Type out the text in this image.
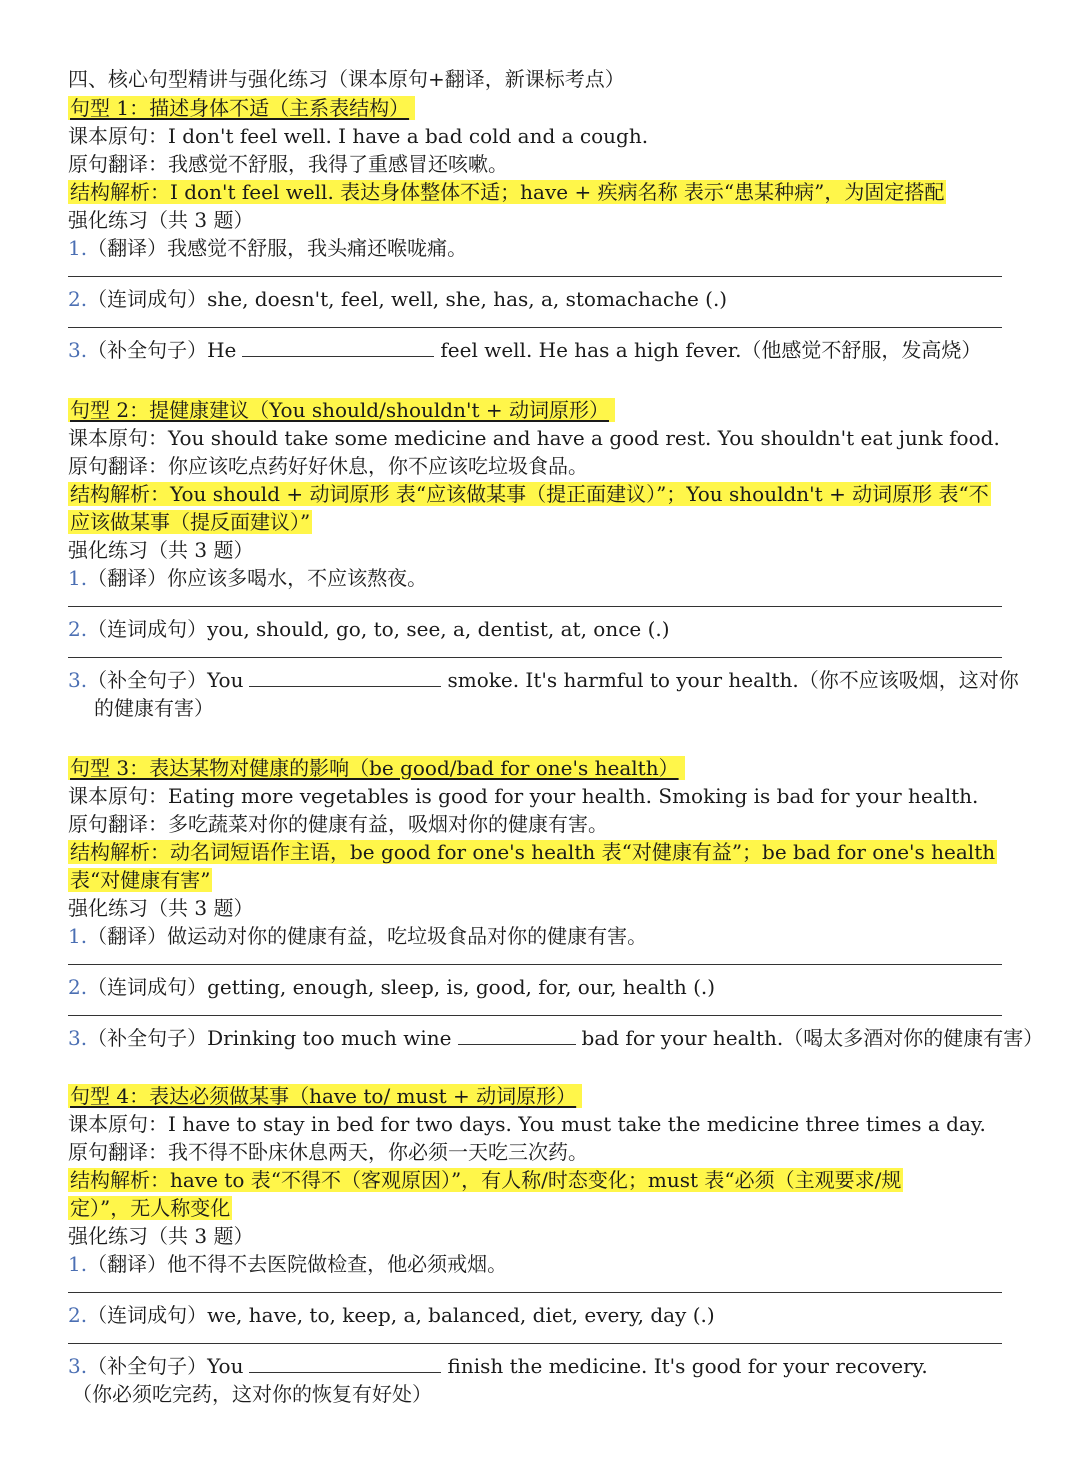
四、核心句型精讲与强化练习（课本原句+翻译，新课标考点）
句型 1：描述身体不适（主系表结构）
课本原句：I don't feel well. I have a bad cold and a cough.
原句翻译：我感觉不舒服，我得了重感冒还咳嗽。
结构解析：I don't feel well. 表达身体整体不适；have + 疾病名称 表示“患某种病”，为固定搭配
强化练习（共 3 题）
1.（翻译）我感觉不舒服，我头痛还喉咙痛。
2.（连词成句）she, doesn't, feel, well, she, has, a, stomachache (.)
3.（补全句子）He	feel well. He has a high fever.（他感觉不舒服，发高烧）
句型 2：提健康建议（You should/shouldn't + 动词原形）
课本原句：You should take some medicine and have a good rest. You shouldn't eat junk food.
原句翻译：你应该吃点药好好休息，你不应该吃垃圾食品。
结构解析：You should + 动词原形 表“应该做某事（提正面建议）”；You shouldn't + 动词原形 表“不应该做某事（提反面建议）”
强化练习（共 3 题）
1.（翻译）你应该多喝水，不应该熬夜。
2.（连词成句）you, should, go, to, see, a, dentist, at, once (.)
3.（补全句子）You	smoke. It's harmful to your health.（你不应该吸烟，这对你
的健康有害）
句型 3：表达某物对健康的影响（be good/bad for one's health）
课本原句：Eating more vegetables is good for your health. Smoking is bad for your health.
原句翻译：多吃蔬菜对你的健康有益，吸烟对你的健康有害。
结构解析：动名词短语作主语，be good for one's health 表“对健康有益”；be bad for one's health 表“对健康有害”
强化练习（共 3 题）
1.（翻译）做运动对你的健康有益，吃垃圾食品对你的健康有害。
2.（连词成句）getting, enough, sleep, is, good, for, our, health (.)
3.（补全句子）Drinking too much wine	bad for your health.（喝太多酒对你的健康有害）
句型 4：表达必须做某事（have to/ must + 动词原形）
课本原句：I have to stay in bed for two days. You must take the medicine three times a day.
原句翻译：我不得不卧床休息两天，你必须一天吃三次药。
结构解析：have to 表“不得不（客观原因）”，有人称/时态变化；must 表“必须（主观要求/规定）”，无人称变化
强化练习（共 3 题）
1.（翻译）他不得不去医院做检查，他必须戒烟。
2.（连词成句）we, have, to, keep, a, balanced, diet, every, day (.)
3.（补全句子）You	finish the medicine. It's good for your recovery.
（你必须吃完药，这对你的恢复有好处）
